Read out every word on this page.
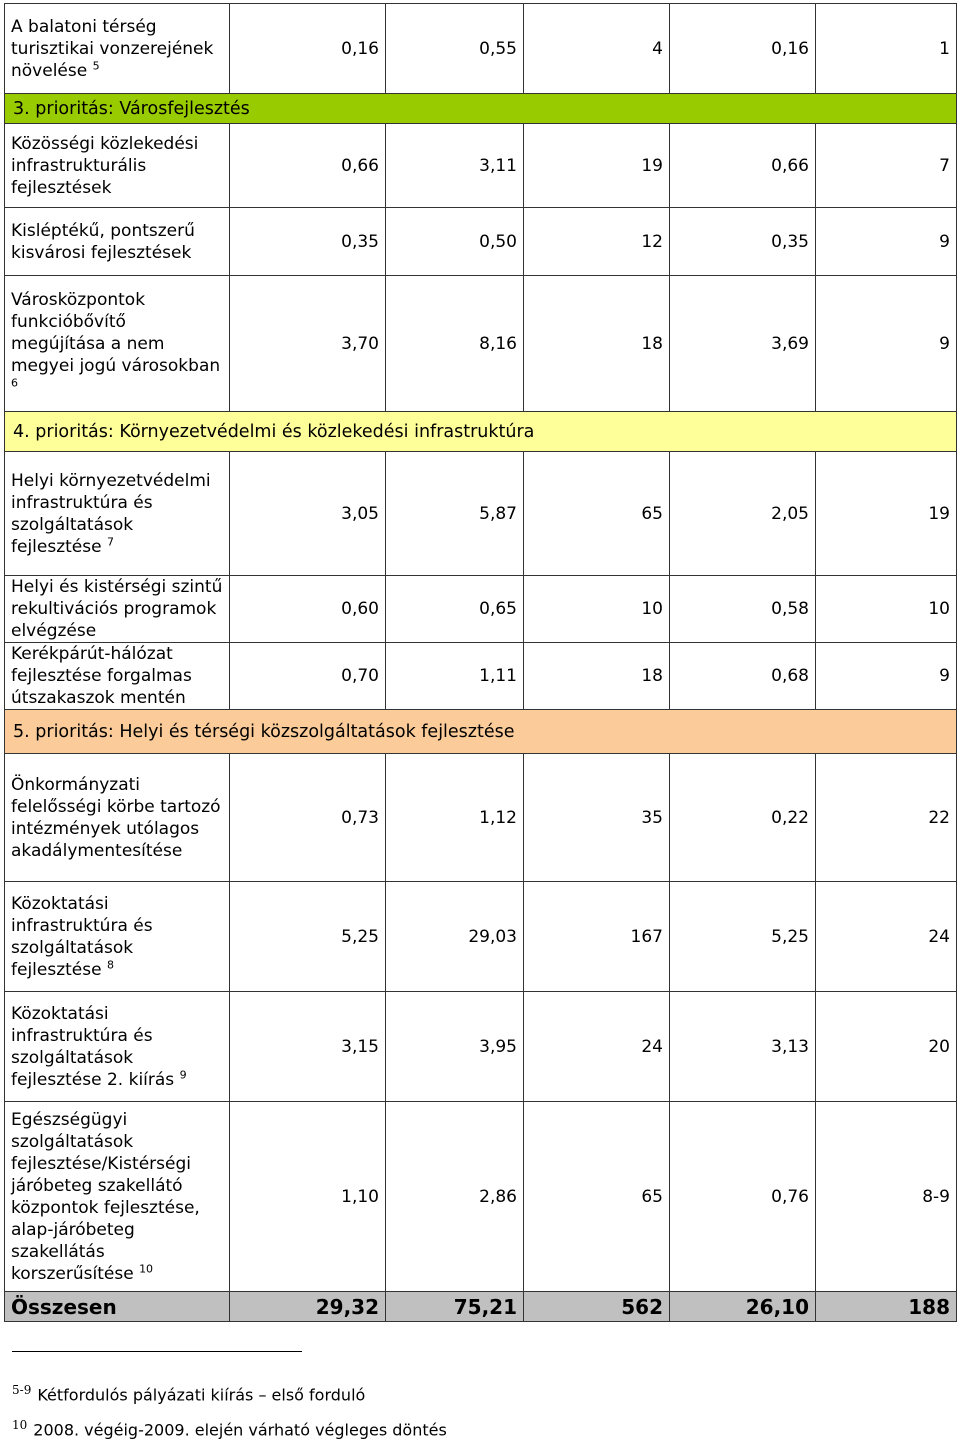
A balatoni térség turisztikai vonzerejének növelése $^5$	0,16	0,55	4	0,16	1
3. prioritás: Városfejlesztés					
Közösségi közlekedési infrastrukturális fejlesztések	0,66	3,11	19	0,66	7
Kisléptékű, pontszerű kisvárosi fejlesztések	0,35	0,50	12	0,35	9
Városközpontok funkcióbővítő megújítása a nem megyei jogú városokban $^6$	3,70	8,16	18	3,69	9
4. prioritás: Környezetvédelmi és közlekedési infrastruktúra					
Helyi környezetvédelmi infrastruktúra és szolgáltatások fejlesztése $^7$	3,05	5,87	65	2,05	19
Helyi és kistérségi szintű rekultivációs programok elvégzése	0,60	0,65	10	0,58	10
Kerékpárút-hálózat fejlesztése forgalmas útszakaszok mentén	0,70	1,11	18	0,68	9
5. prioritás: Helyi és térségi közszolgáltatások fejlesztése					
Önkormányzati felelősségi körbe tartozó intézmények utólagos akadálymentesítése	0,73	1,12	35	0,22	22
Közoktatási infrastruktúra és szolgáltatások fejlesztése $^8$	5,25	29,03	167	5,25	24
Közoktatási infrastruktúra és szolgáltatások fejlesztése 2. kiírás $^9$	3,15	3,95	24	3,13	20
Egészségügyi szolgáltatások fejlesztése/Kistérségi járóbeteg szakellátó központok fejlesztése, alap-járóbeteg szakellátás korszerűsítése $^{10}$	1,10	2,86	65	0,76	8-9
Összesen	29,32	75,21	562	26,10	188
$^{5-9}$ Kétfordulós pályázati kiírás – első forduló
$^{10}$ 2008. végéig-2009. elején várható végleges döntés
